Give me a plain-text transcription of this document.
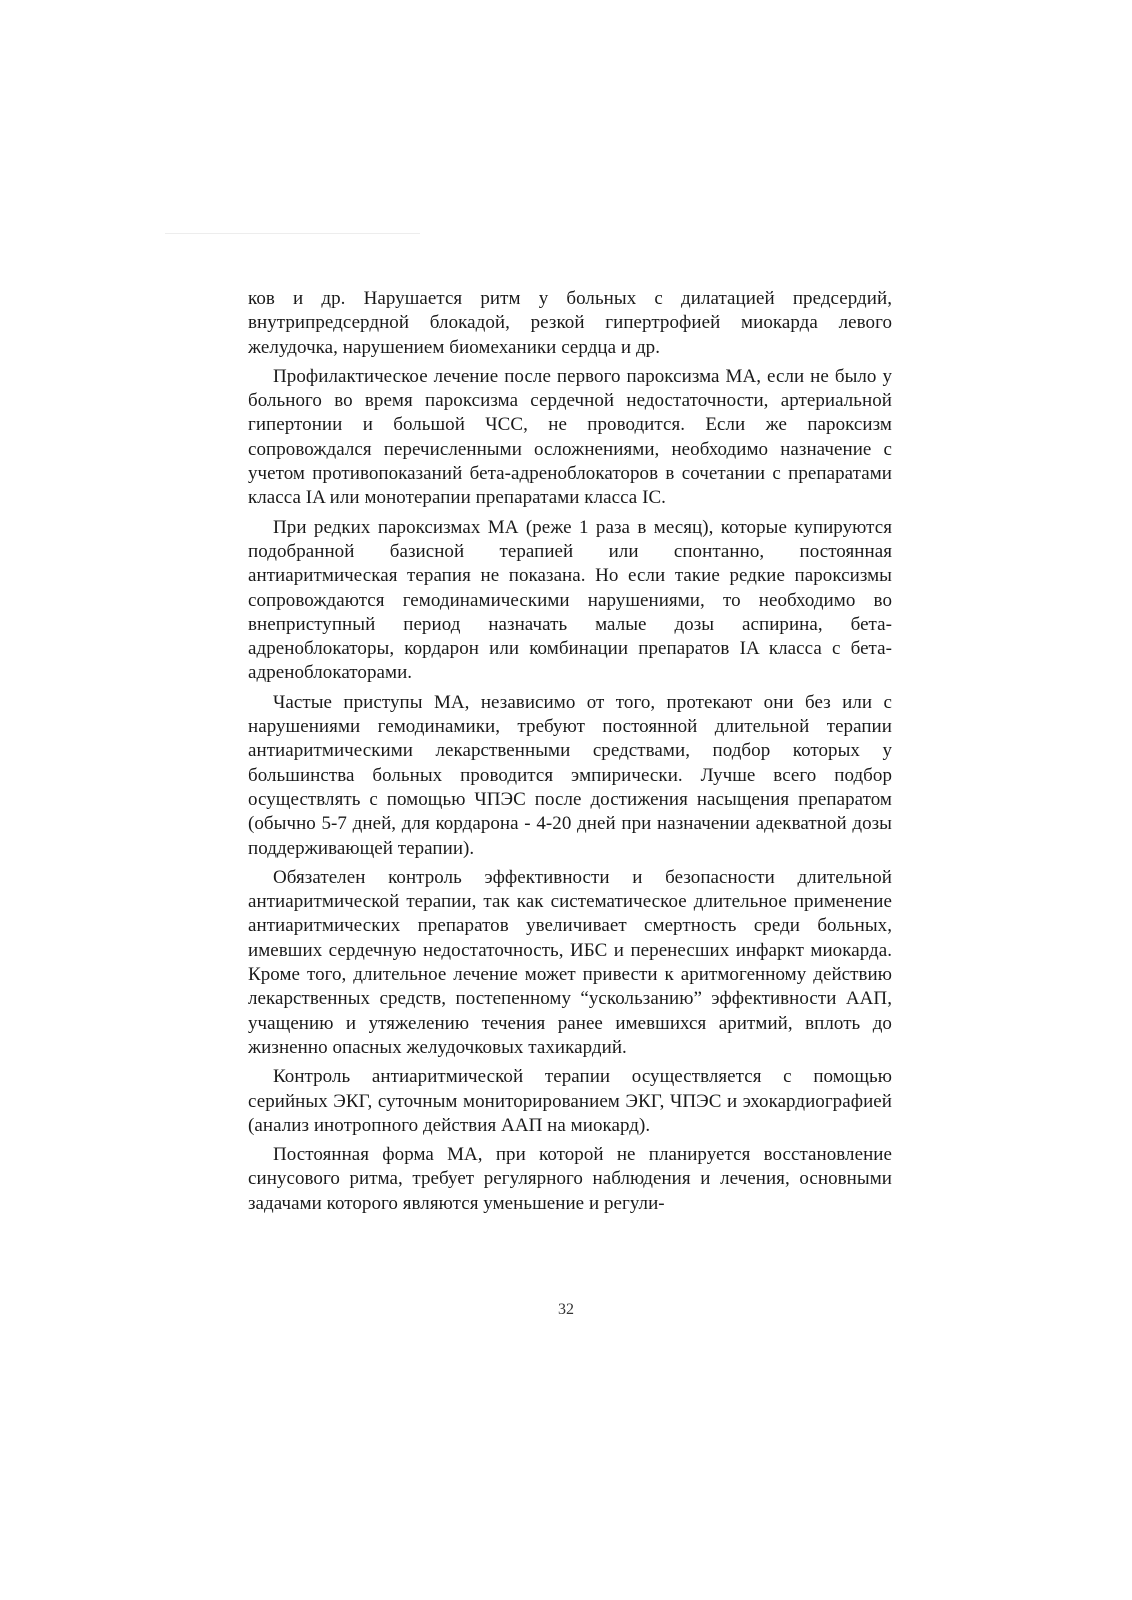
ков и др. Нарушается ритм у больных с дилатацией предсердий, внутрипредсердной блокадой, резкой гипертрофией миокарда левого желудочка, нарушением биомеханики сердца и др.

Профилактическое лечение после первого пароксизма МА, если не было у больного во время пароксизма сердечной недостаточности, артериальной гипертонии и большой ЧСС, не проводится. Если же пароксизм сопровождался перечисленными осложнениями, необходимо назначение с учетом противопоказаний бета-адреноблокаторов в сочетании с препаратами класса IA или монотерапии препаратами класса IC.

При редких пароксизмах МА (реже 1 раза в месяц), которые купируются подобранной базисной терапией или спонтанно, постоянная антиаритмическая терапия не показана. Но если такие редкие пароксизмы сопровождаются гемодинамическими нарушениями, то необходимо во внеприступный период назначать малые дозы аспирина, бета-адреноблокаторы, кордарон или комбинации препаратов IA класса с бета-адреноблокаторами.

Частые приступы МА, независимо от того, протекают они без или с нарушениями гемодинамики, требуют постоянной длительной терапии антиаритмическими лекарственными средствами, подбор которых у большинства больных проводится эмпирически. Лучше всего подбор осуществлять с помощью ЧПЭС после достижения насыщения препаратом (обычно 5-7 дней, для кордарона - 4-20 дней при назначении адекватной дозы поддерживающей терапии).

Обязателен контроль эффективности и безопасности длительной антиаритмической терапии, так как систематическое длительное применение антиаритмических препаратов увеличивает смертность среди больных, имевших сердечную недостаточность, ИБС и перенесших инфаркт миокарда. Кроме того, длительное лечение может привести к аритмогенному действию лекарственных средств, постепенному “ускользанию” эффективности ААП, учащению и утяжелению течения ранее имевшихся аритмий, вплоть до жизненно опасных желудочковых тахикардий.

Контроль антиаритмической терапии осуществляется с помощью серийных ЭКГ, суточным мониторированием ЭКГ, ЧПЭС и эхокардиографией (анализ инотропного действия ААП на миокард).

Постоянная форма МА, при которой не планируется восстановление синусового ритма, требует регулярного наблюдения и лечения, основными задачами которого являются уменьшение и регули-

32
